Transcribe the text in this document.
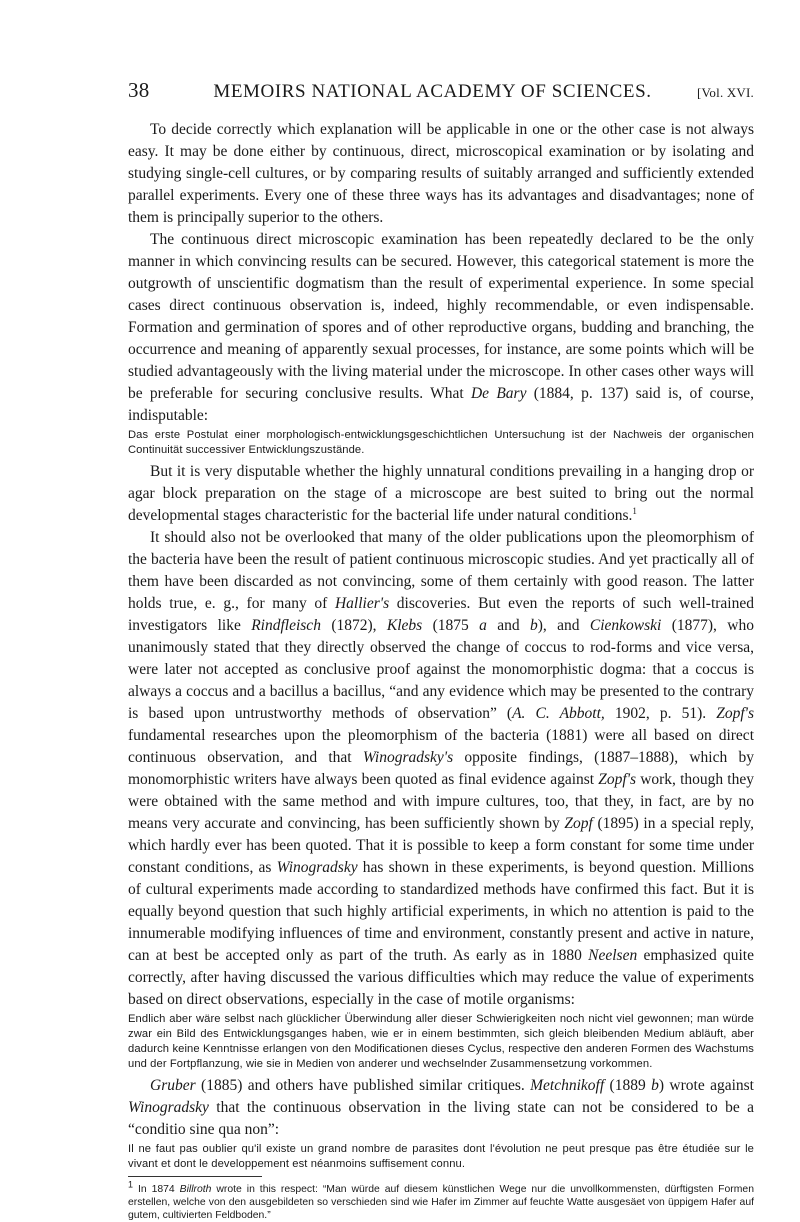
38	MEMOIRS NATIONAL ACADEMY OF SCIENCES.	[Vol. XVI.

To decide correctly which explanation will be applicable in one or the other case is not always easy. It may be done either by continuous, direct, microscopical examination or by isolating and studying single-cell cultures, or by comparing results of suitably arranged and sufficiently extended parallel experiments. Every one of these three ways has its advantages and disadvantages; none of them is principally superior to the others.

The continuous direct microscopic examination has been repeatedly declared to be the only manner in which convincing results can be secured. However, this categorical statement is more the outgrowth of unscientific dogmatism than the result of experimental experience. In some special cases direct continuous observation is, indeed, highly recommendable, or even indispensable. Formation and germination of spores and of other reproductive organs, budding and branching, the occurrence and meaning of apparently sexual processes, for instance, are some points which will be studied advantageously with the living material under the microscope. In other cases other ways will be preferable for securing conclusive results. What De Bary (1884, p. 137) said is, of course, indisputable:

Das erste Postulat einer morphologisch-entwicklungsgeschichtlichen Untersuchung ist der Nachweis der organischen Continuität successiver Entwicklungszustände.

But it is very disputable whether the highly unnatural conditions prevailing in a hanging drop or agar block preparation on the stage of a microscope are best suited to bring out the normal developmental stages characteristic for the bacterial life under natural conditions.$^1$

It should also not be overlooked that many of the older publications upon the pleomorphism of the bacteria have been the result of patient continuous microscopic studies. And yet practically all of them have been discarded as not convincing, some of them certainly with good reason. The latter holds true, e. g., for many of Hallier's discoveries. But even the reports of such well-trained investigators like Rindfleisch (1872), Klebs (1875 a and b), and Cienkowski (1877), who unanimously stated that they directly observed the change of coccus to rod-forms and vice versa, were later not accepted as conclusive proof against the monomorphistic dogma: that a coccus is always a coccus and a bacillus a bacillus, “and any evidence which may be presented to the contrary is based upon untrustworthy methods of observation” (A. C. Abbott, 1902, p. 51). Zopf's fundamental researches upon the pleomorphism of the bacteria (1881) were all based on direct continuous observation, and that Winogradsky's opposite findings, (1887–1888), which by monomorphistic writers have always been quoted as final evidence against Zopf's work, though they were obtained with the same method and with impure cultures, too, that they, in fact, are by no means very accurate and convincing, has been sufficiently shown by Zopf (1895) in a special reply, which hardly ever has been quoted. That it is possible to keep a form constant for some time under constant conditions, as Winogradsky has shown in these experiments, is beyond question. Millions of cultural experiments made according to standardized methods have confirmed this fact. But it is equally beyond question that such highly artificial experiments, in which no attention is paid to the innumerable modifying influences of time and environment, constantly present and active in nature, can at best be accepted only as part of the truth. As early as in 1880 Neelsen emphasized quite correctly, after having discussed the various difficulties which may reduce the value of experiments based on direct observations, especially in the case of motile organisms:

Endlich aber wäre selbst nach glücklicher Überwindung aller dieser Schwierigkeiten noch nicht viel gewonnen; man würde zwar ein Bild des Entwicklungsganges haben, wie er in einem bestimmten, sich gleich bleibenden Medium abläuft, aber dadurch keine Kenntnisse erlangen von den Modificationen dieses Cyclus, respective den anderen Formen des Wachstums und der Fortpflanzung, wie sie in Medien von anderer und wechselnder Zusammensetzung vorkommen.

Gruber (1885) and others have published similar critiques. Metchnikoff (1889 b) wrote against Winogradsky that the continuous observation in the living state can not be considered to be a “conditio sine qua non”:

Il ne faut pas oublier qu'il existe un grand nombre de parasites dont l'évolution ne peut presque pas être étudiée sur le vivant et dont le developpement est néanmoins suffisement connu.

$^1$ In 1874 Billroth wrote in this respect: “Man würde auf diesem künstlichen Wege nur die unvollkommensten, dürftigsten Formen erstellen, welche von den ausgebildeten so verschieden sind wie Hafer im Zimmer auf feuchte Watte ausgesäet von üppigem Hafer auf gutem, cultivierten Feldboden.”
